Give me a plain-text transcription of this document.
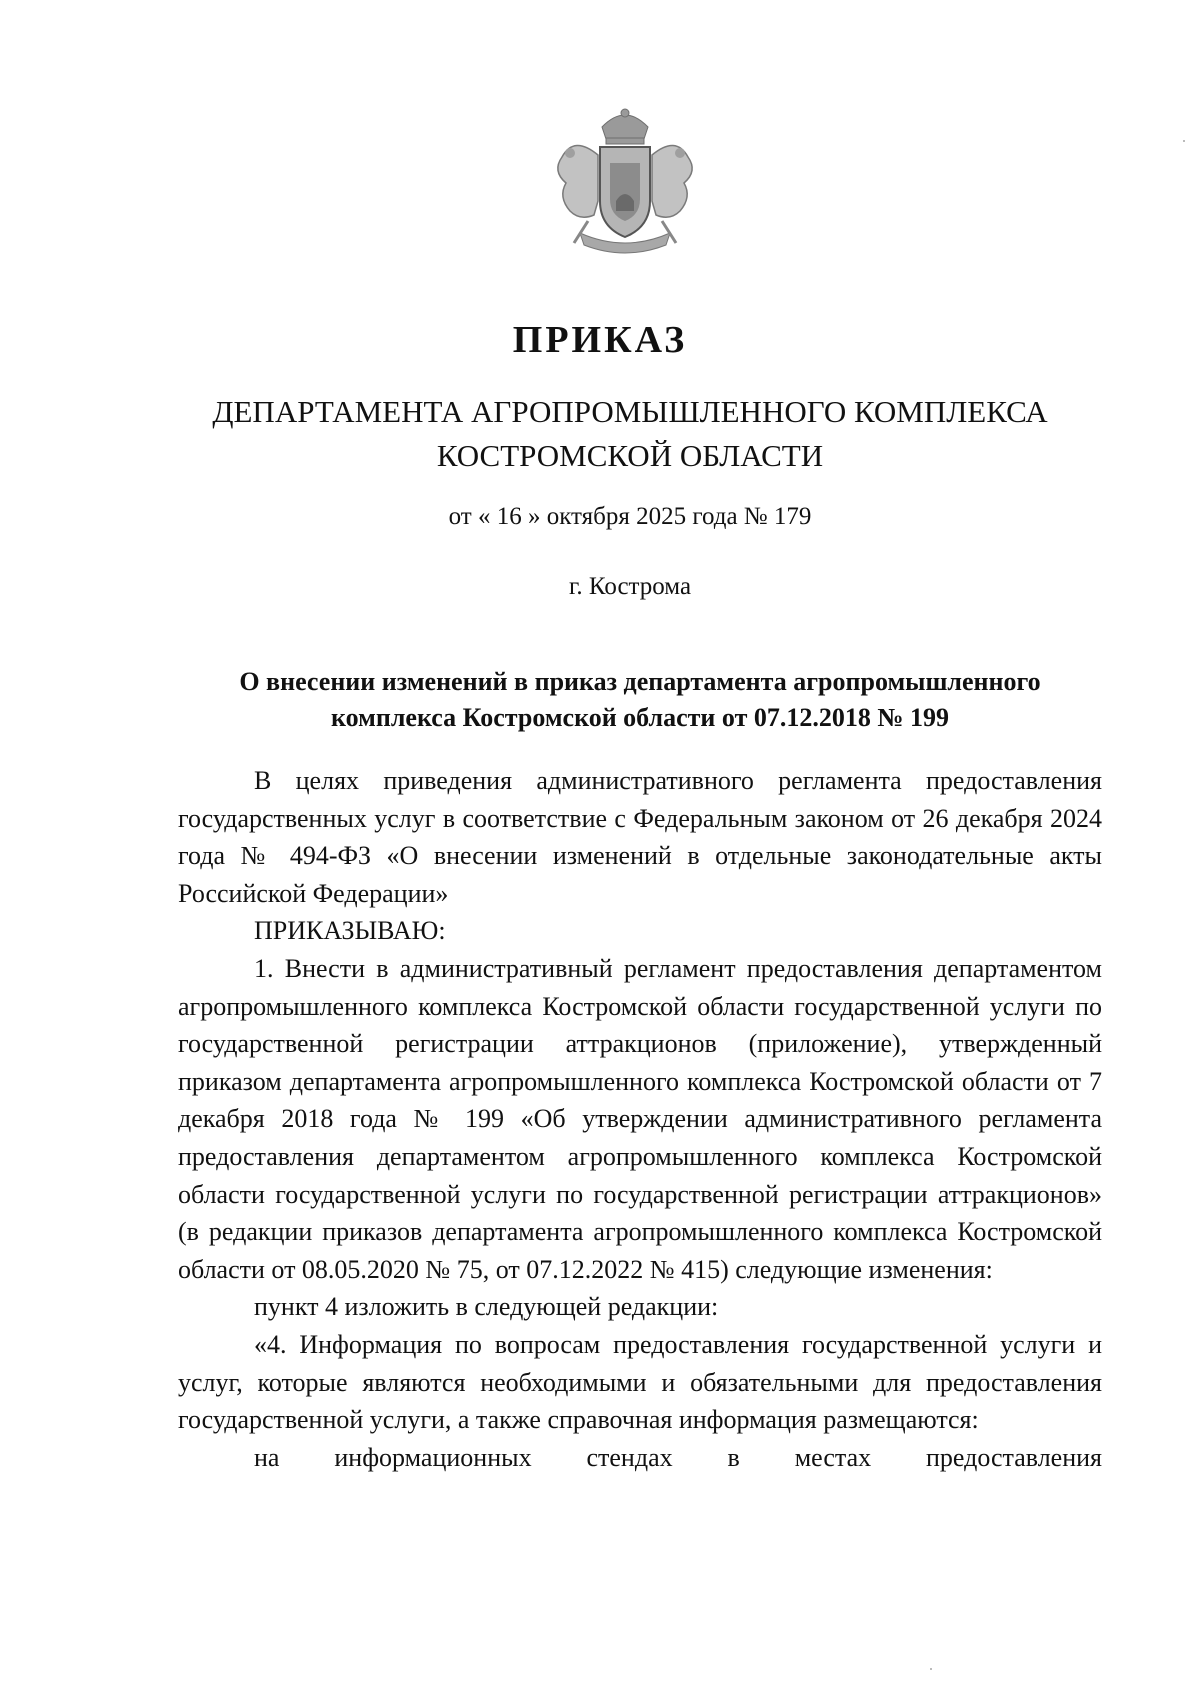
ПРИКАЗ
ДЕПАРТАМЕНТА АГРОПРОМЫШЛЕННОГО КОМПЛЕКСА
КОСТРОМСКОЙ ОБЛАСТИ
от « 16 » октября 2025 года № 179
г. Кострома
О внесении изменений в приказ департамента агропромышленного
комплекса Костромской области от 07.12.2018 № 199

В целях приведения административного регламента предоставления государственных услуг в соответствие с Федеральным законом от 26 декабря 2024 года № 494-ФЗ «О внесении изменений в отдельные законодательные акты Российской Федерации»

ПРИКАЗЫВАЮ:

1. Внести в административный регламент предоставления департаментом агропромышленного комплекса Костромской области государственной услуги по государственной регистрации аттракционов (приложение), утвержденный приказом департамента агропромышленного комплекса Костромской области от 7 декабря 2018 года № 199 «Об утверждении административного регламента предоставления департаментом агропромышленного комплекса Костромской области государственной услуги по государственной регистрации аттракционов» (в редакции приказов департамента агропромышленного комплекса Костромской области от 08.05.2020 № 75, от 07.12.2022 № 415) следующие изменения:

пункт 4 изложить в следующей редакции:

«4. Информация по вопросам предоставления государственной услуги и услуг, которые являются необходимыми и обязательными для предоставления государственной услуги, а также справочная информация размещаются:

на информационных стендах в местах предоставления
